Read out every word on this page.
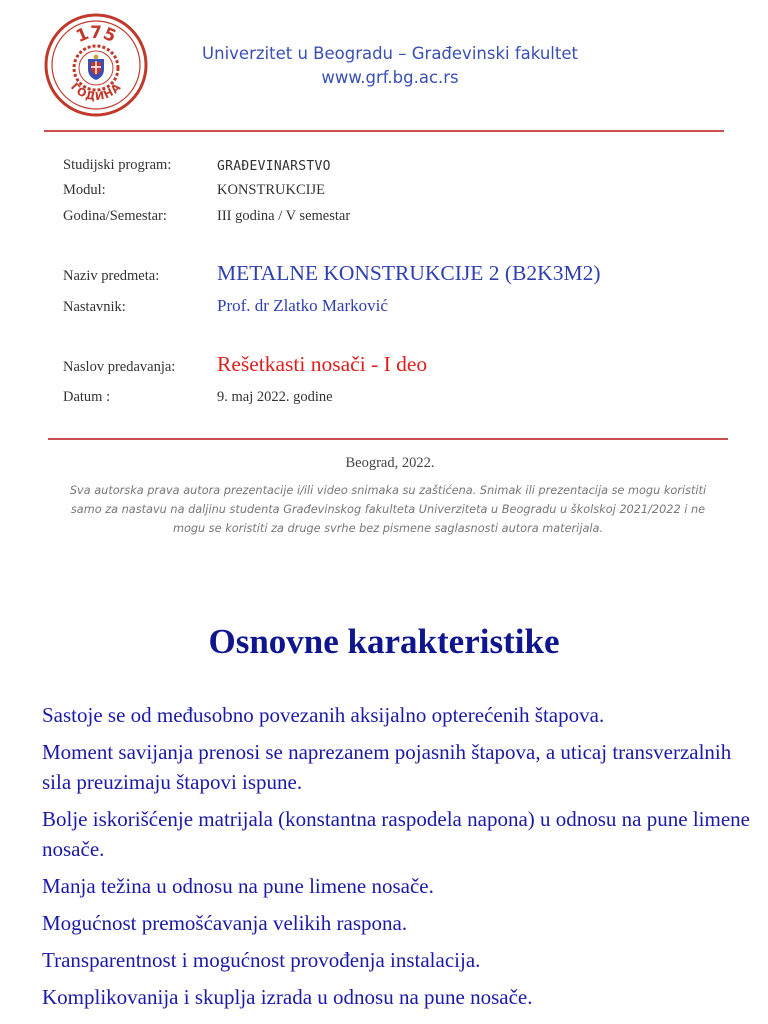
175
ГОДИНА
Univerzitet u Beogradu – Građevinski fakultet
www.grf.bg.ac.rs
Studijski program:	GRAĐEVINARSTVO
Modul:	KONSTRUKCIJE
Godina/Semestar:	III godina / V semestar
Naziv predmeta:	METALNE KONSTRUKCIJE 2 (B2K3M2)
Nastavnik:	Prof. dr Zlatko Marković
Naslov predavanja: Rešetkasti nosači - I deo
Datum :	9. maj 2022. godine
Beograd, 2022.
Sva autorska prava autora prezentacije i/ili video snimaka su zaštićena. Snimak ili prezentacija se mogu koristiti
samo za nastavu na daljinu studenta Građevinskog fakulteta Univerziteta u Beogradu u školskoj 2021/2022 i ne
mogu se koristiti za druge svrhe bez pismene saglasnosti autora materijala.
Osnovne karakteristike
Sastoje se od međusobno povezanih aksijalno opterećenih štapova.
Moment savijanja prenosi se naprezanem pojasnih štapova, a uticaj transverzalnih sila preuzimaju štapovi ispune.
Bolje iskorišćenje matrijala (konstantna raspodela napona) u odnosu na pune limene nosače.
Manja težina u odnosu na pune limene nosače.
Mogućnost premošćavanja velikih raspona.
Transparentnost i mogućnost provođenja instalacija.
Komplikovanija i skuplja izrada u odnosu na pune nosače.
